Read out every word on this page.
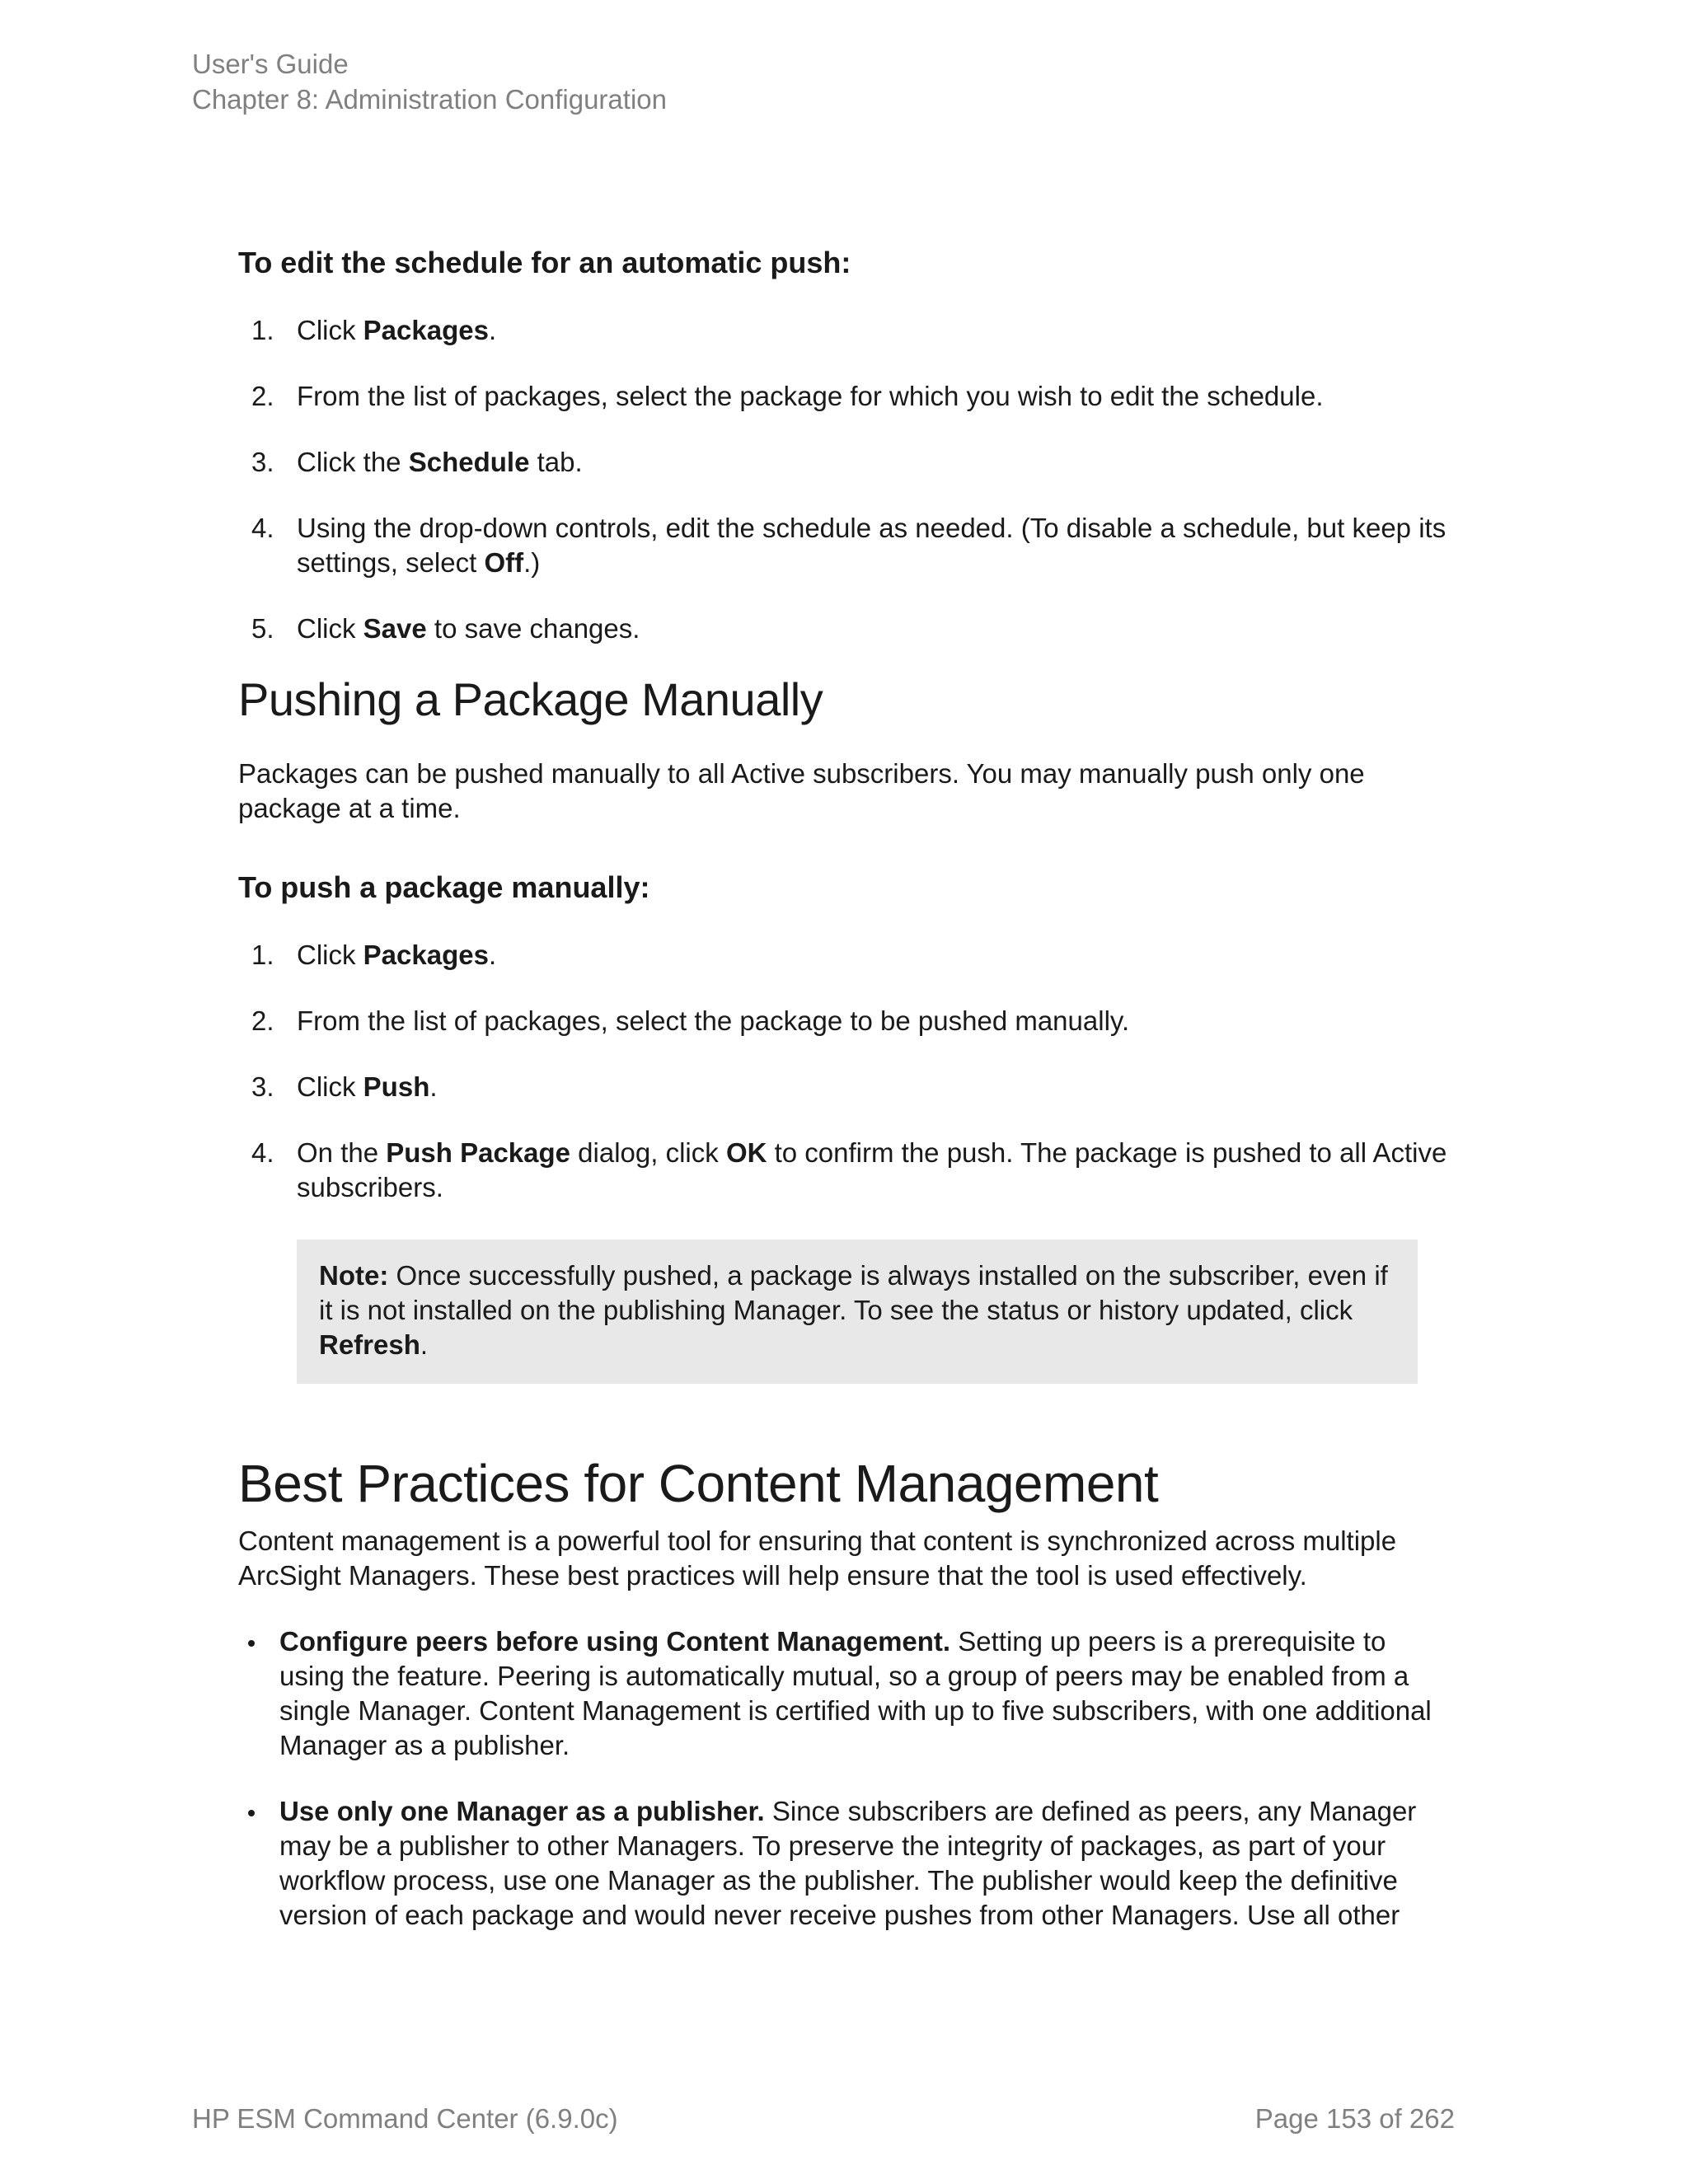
User's Guide
Chapter 8: Administration Configuration

To edit the schedule for an automatic push:

1. Click Packages.
2. From the list of packages, select the package for which you wish to edit the schedule.
3. Click the Schedule tab.
4. Using the drop-down controls, edit the schedule as needed. (To disable a schedule, but keep its settings, select Off.)
5. Click Save to save changes.
Pushing a Package Manually

Packages can be pushed manually to all Active subscribers. You may manually push only one package at a time.

To push a package manually:

1. Click Packages.
2. From the list of packages, select the package to be pushed manually.
3. Click Push.
4. On the Push Package dialog, click OK to confirm the push. The package is pushed to all Active subscribers.
Note: Once successfully pushed, a package is always installed on the subscriber, even if it is not installed on the publishing Manager. To see the status or history updated, click Refresh.
Best Practices for Content Management

Content management is a powerful tool for ensuring that content is synchronized across multiple ArcSight Managers. These best practices will help ensure that the tool is used effectively.

Configure peers before using Content Management. Setting up peers is a prerequisite to using the feature. Peering is automatically mutual, so a group of peers may be enabled from a single Manager. Content Management is certified with up to five subscribers, with one additional Manager as a publisher.
Use only one Manager as a publisher. Since subscribers are defined as peers, any Manager may be a publisher to other Managers. To preserve the integrity of packages, as part of your workflow process, use one Manager as the publisher. The publisher would keep the definitive version of each package and would never receive pushes from other Managers. Use all other
HP ESM Command Center (6.9.0c)	Page 153 of 262
